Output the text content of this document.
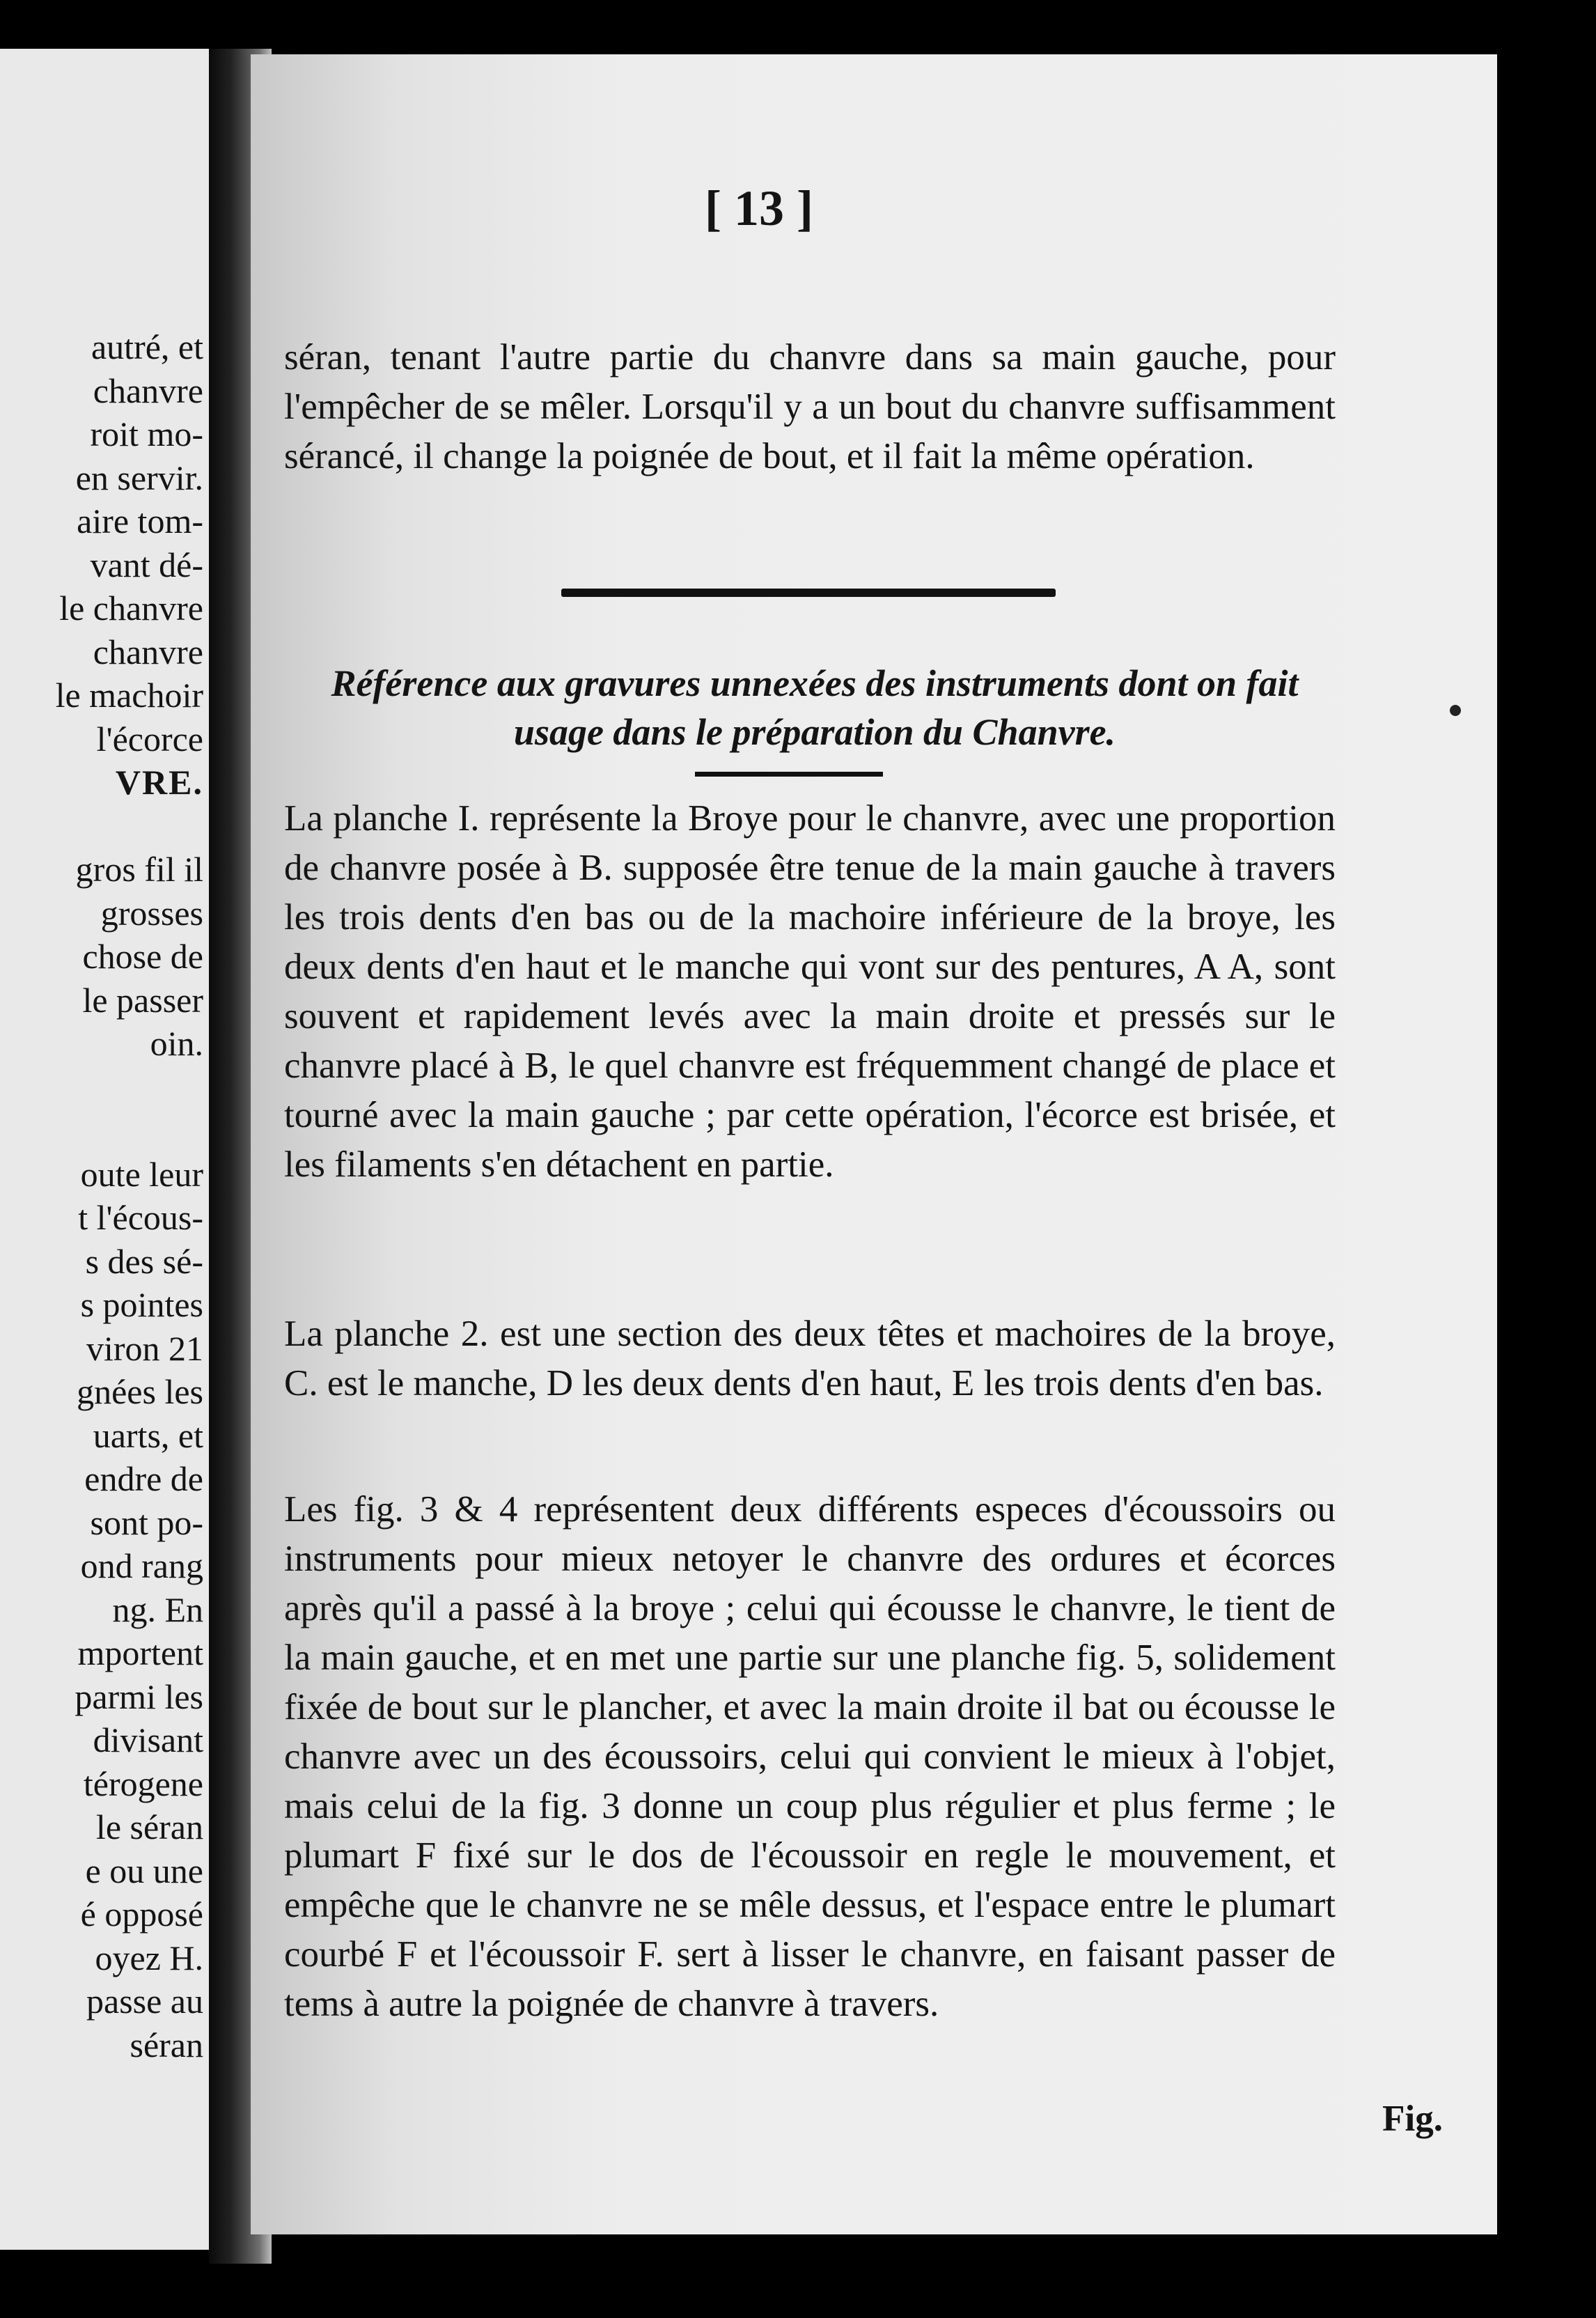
autré, et
chanvre
roit mo-
en servir.
aire tom-
vant dé-
le chanvre
chanvre
le machoir
l'écorce
VRE.
gros fil il
grosses
chose de
le passer
oin.
oute leur
t l'écous-
s des sé-
s pointes
viron 21
gnées les
uarts, et
endre de
sont po-
ond rang
ng. En
mportent
parmi les
divisant
térogene
le séran
e ou une
é opposé
oyez H.
passe au
séran
[ 13 ]
séran, tenant l'autre partie du chanvre dans sa main gauche, pour l'empêcher de se mêler. Lorsqu'il y a un bout du chanvre suffisamment sérancé, il change la poignée de bout, et il fait la même opération.
Référence aux gravures unnexées des instruments dont on fait usage dans le préparation du Chanvre.
La planche I. représente la Broye pour le chanvre, avec une proportion de chanvre posée à B. supposée être tenue de la main gauche à travers les trois dents d'en bas ou de la machoire inférieure de la broye, les deux dents d'en haut et le manche qui vont sur des pentures, A A, sont souvent et rapidement levés avec la main droite et pressés sur le chanvre placé à B, le quel chanvre est fréquemment changé de place et tourné avec la main gauche ; par cette opération, l'écorce est brisée, et les filaments s'en détachent en partie.
La planche 2. est une section des deux têtes et machoires de la broye, C. est le manche, D les deux dents d'en haut, E les trois dents d'en bas.
Les fig. 3 & 4 représentent deux différents especes d'écoussoirs ou instruments pour mieux netoyer le chanvre des ordures et écorces après qu'il a passé à la broye ; celui qui écousse le chanvre, le tient de la main gauche, et en met une partie sur une planche fig. 5, solidement fixée de bout sur le plancher, et avec la main droite il bat ou écousse le chanvre avec un des écoussoirs, celui qui convient le mieux à l'objet, mais celui de la fig. 3 donne un coup plus régulier et plus ferme ; le plumart F fixé sur le dos de l'écoussoir en regle le mouvement, et empêche que le chanvre ne se mêle dessus, et l'espace entre le plumart courbé F et l'écoussoir F. sert à lisser le chanvre, en faisant passer de tems à autre la poignée de chanvre à travers.
Fig.
